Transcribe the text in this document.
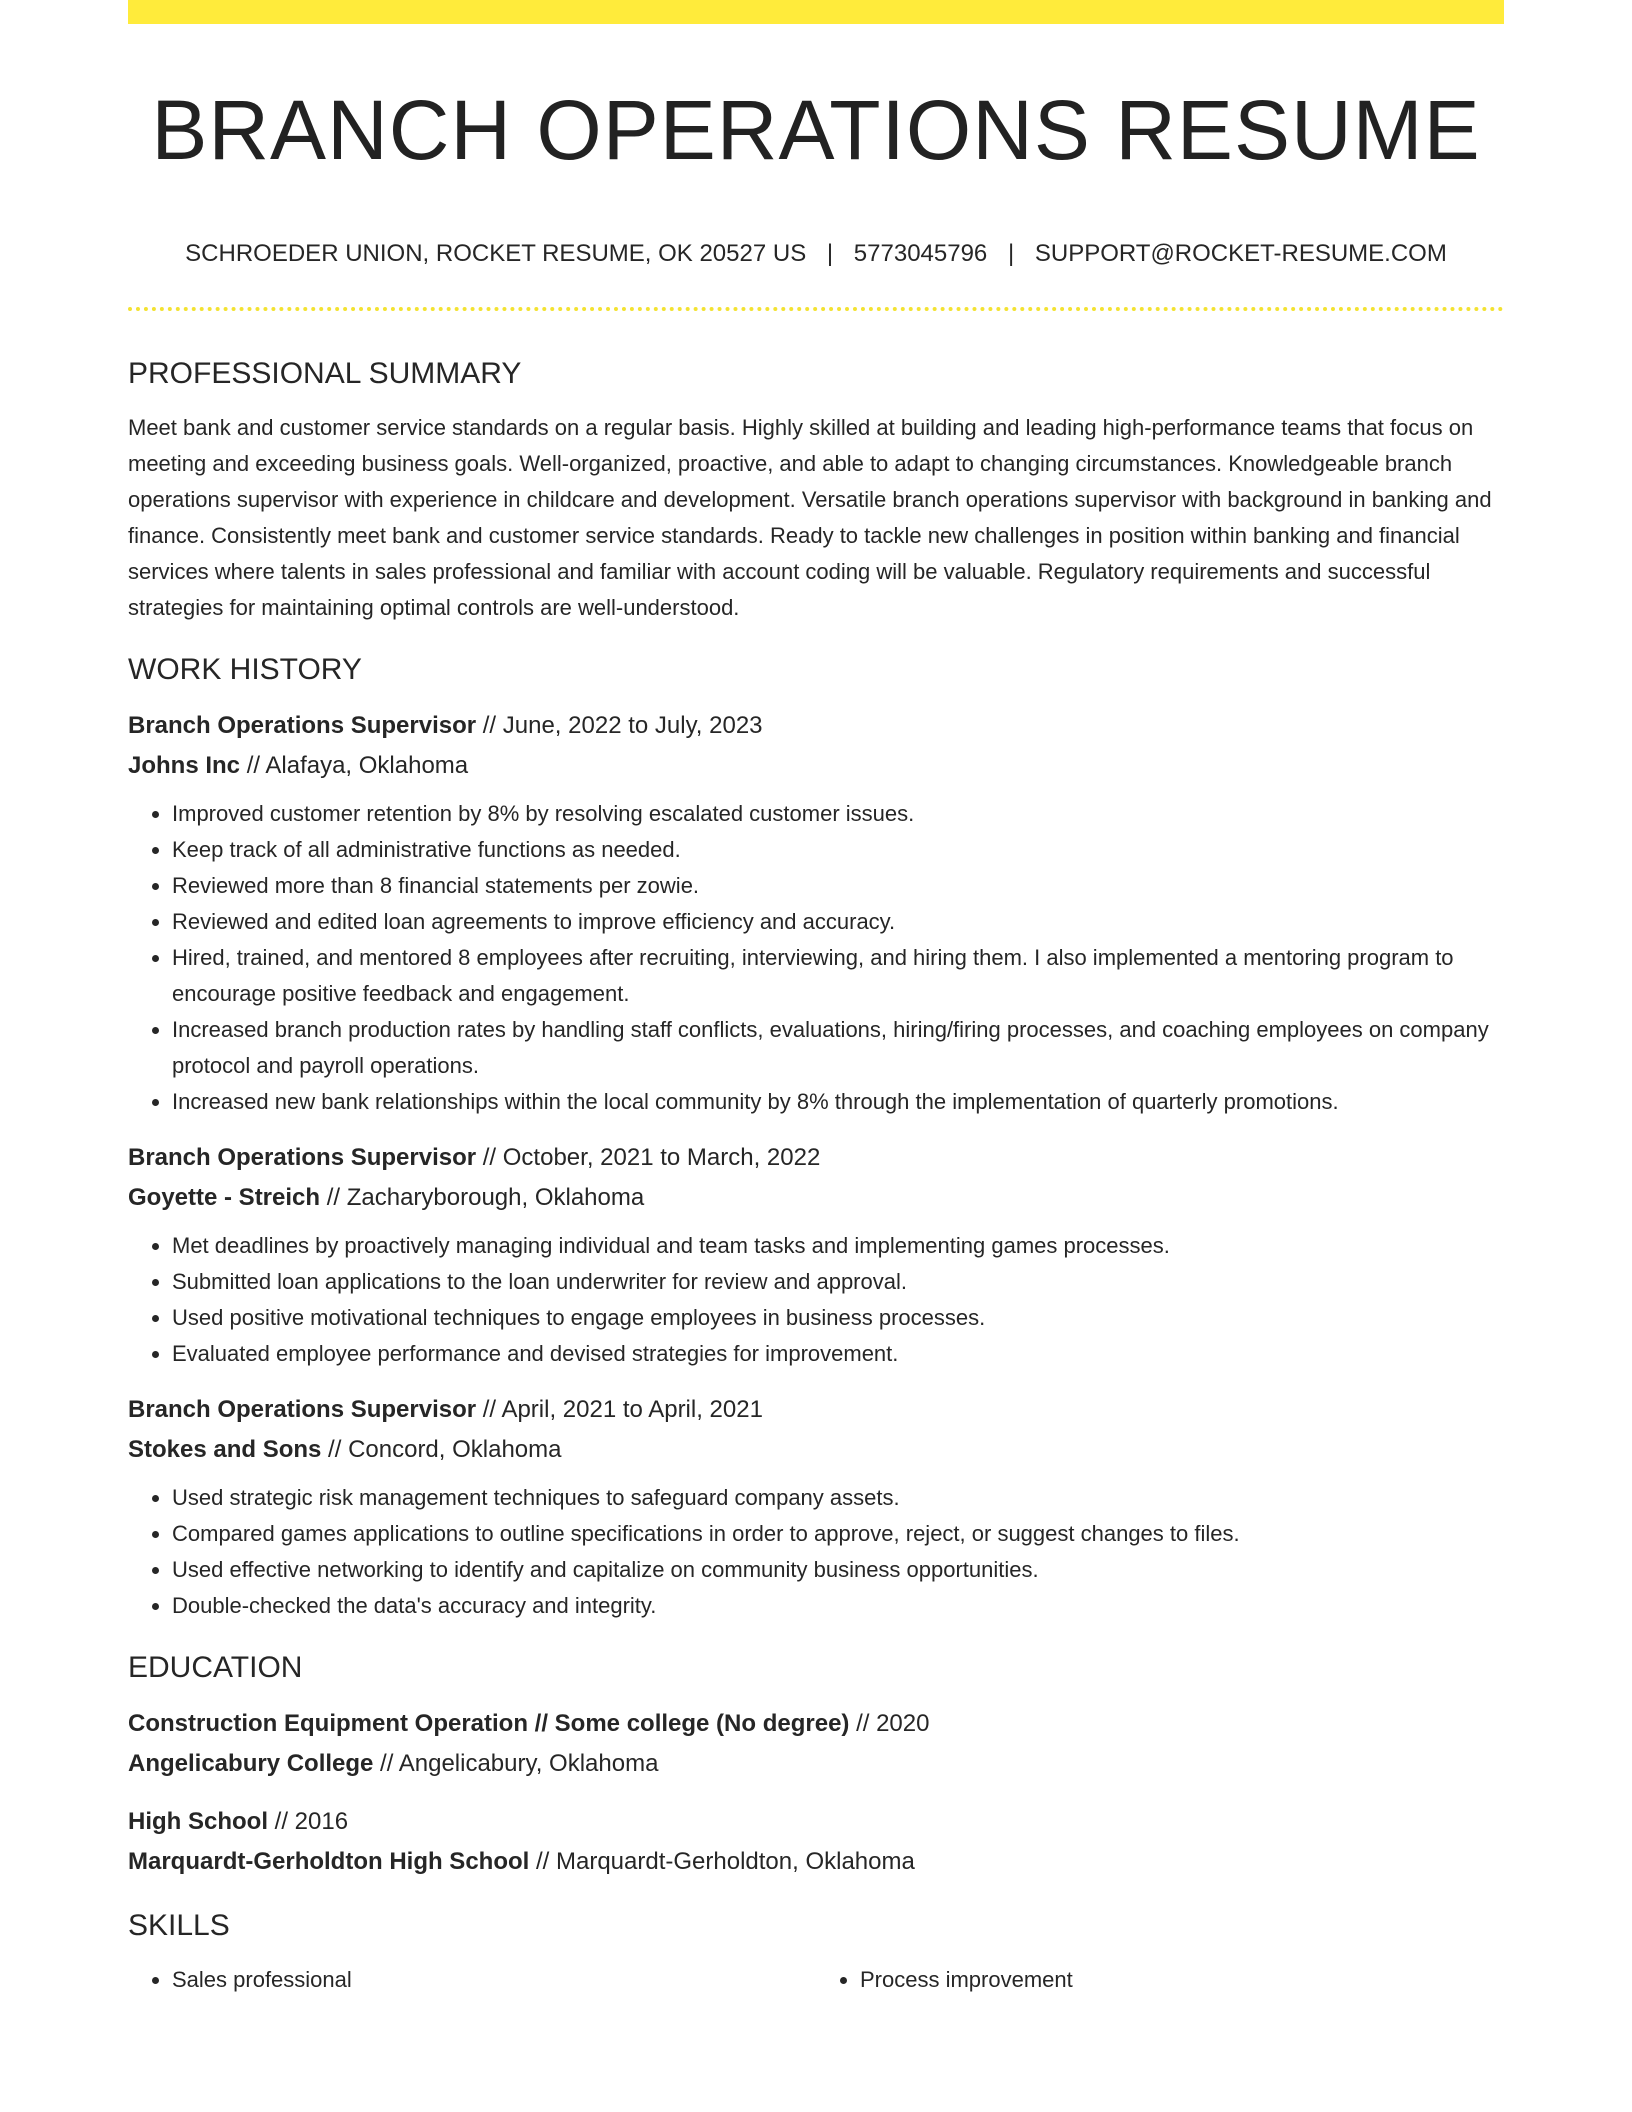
BRANCH OPERATIONS RESUME
SCHROEDER UNION, ROCKET RESUME, OK 20527 US | 5773045796 | SUPPORT@ROCKET-RESUME.COM
PROFESSIONAL SUMMARY
Meet bank and customer service standards on a regular basis. Highly skilled at building and leading high-performance teams that focus on meeting and exceeding business goals. Well-organized, proactive, and able to adapt to changing circumstances. Knowledgeable branch operations supervisor with experience in childcare and development. Versatile branch operations supervisor with background in banking and finance. Consistently meet bank and customer service standards. Ready to tackle new challenges in position within banking and financial services where talents in sales professional and familiar with account coding will be valuable. Regulatory requirements and successful strategies for maintaining optimal controls are well-understood.
WORK HISTORY
Branch Operations Supervisor // June, 2022 to July, 2023
Johns Inc // Alafaya, Oklahoma
• Improved customer retention by 8% by resolving escalated customer issues.
• Keep track of all administrative functions as needed.
• Reviewed more than 8 financial statements per zowie.
• Reviewed and edited loan agreements to improve efficiency and accuracy.
• Hired, trained, and mentored 8 employees after recruiting, interviewing, and hiring them. I also implemented a mentoring program to encourage positive feedback and engagement.
• Increased branch production rates by handling staff conflicts, evaluations, hiring/firing processes, and coaching employees on company protocol and payroll operations.
• Increased new bank relationships within the local community by 8% through the implementation of quarterly promotions.
Branch Operations Supervisor // October, 2021 to March, 2022
Goyette - Streich // Zacharyborough, Oklahoma
• Met deadlines by proactively managing individual and team tasks and implementing games processes.
• Submitted loan applications to the loan underwriter for review and approval.
• Used positive motivational techniques to engage employees in business processes.
• Evaluated employee performance and devised strategies for improvement.
Branch Operations Supervisor // April, 2021 to April, 2021
Stokes and Sons // Concord, Oklahoma
• Used strategic risk management techniques to safeguard company assets.
• Compared games applications to outline specifications in order to approve, reject, or suggest changes to files.
• Used effective networking to identify and capitalize on community business opportunities.
• Double-checked the data's accuracy and integrity.
EDUCATION
Construction Equipment Operation // Some college (No degree) // 2020
Angelicabury College // Angelicabury, Oklahoma
High School // 2016
Marquardt-Gerholdton High School // Marquardt-Gerholdton, Oklahoma
SKILLS
• Sales professional
•	Process improvement
